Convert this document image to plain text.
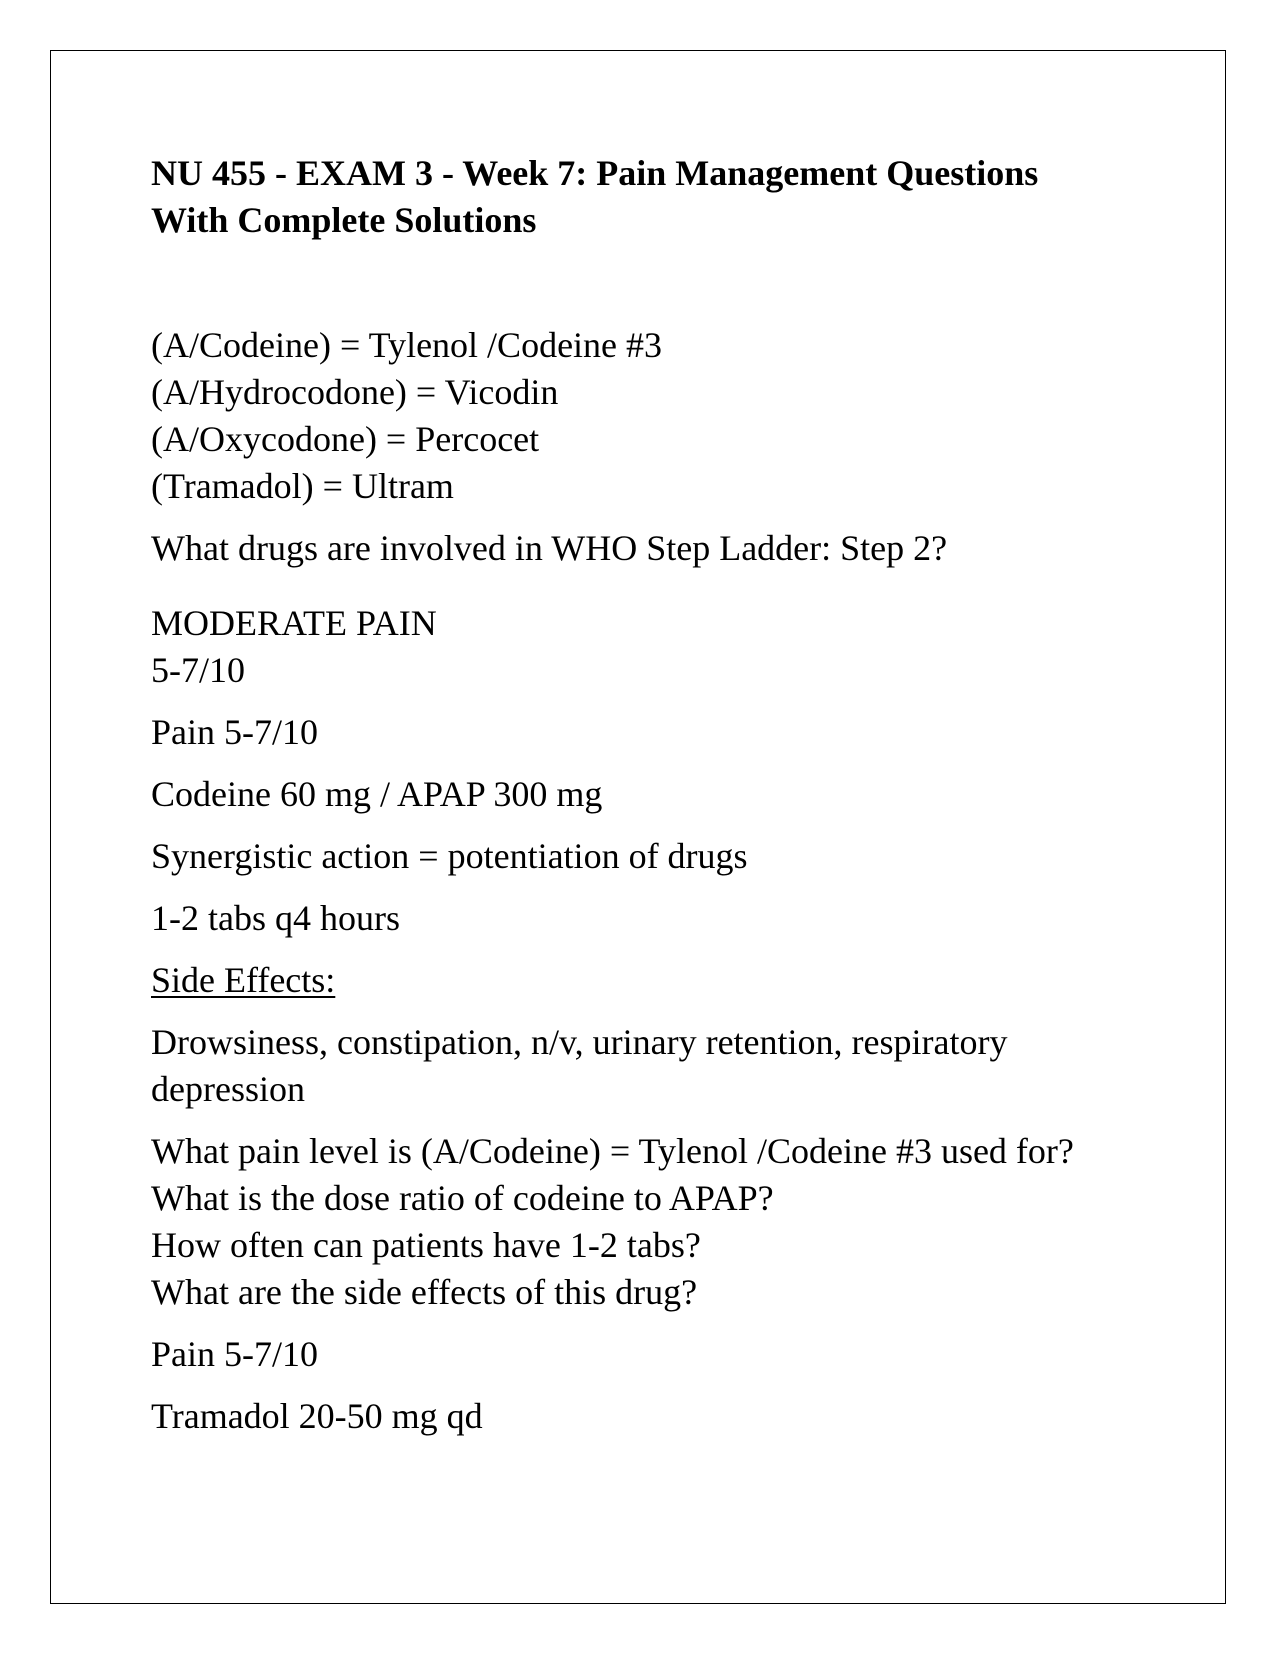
NU 455 - EXAM 3 - Week 7: Pain Management Questions
With Complete Solutions
(A/Codeine) = Tylenol /Codeine #3
(A/Hydrocodone) = Vicodin
(A/Oxycodone) = Percocet
(Tramadol) = Ultram
What drugs are involved in WHO Step Ladder: Step 2?
MODERATE PAIN
5-7/10
Pain 5-7/10
Codeine 60 mg / APAP 300 mg
Synergistic action = potentiation of drugs
1-2 tabs q4 hours
Side Effects:
Drowsiness, constipation, n/v, urinary retention, respiratory
depression
What pain level is (A/Codeine) = Tylenol /Codeine #3 used for?
What is the dose ratio of codeine to APAP?
How often can patients have 1-2 tabs?
What are the side effects of this drug?
Pain 5-7/10
Tramadol 20-50 mg qd
